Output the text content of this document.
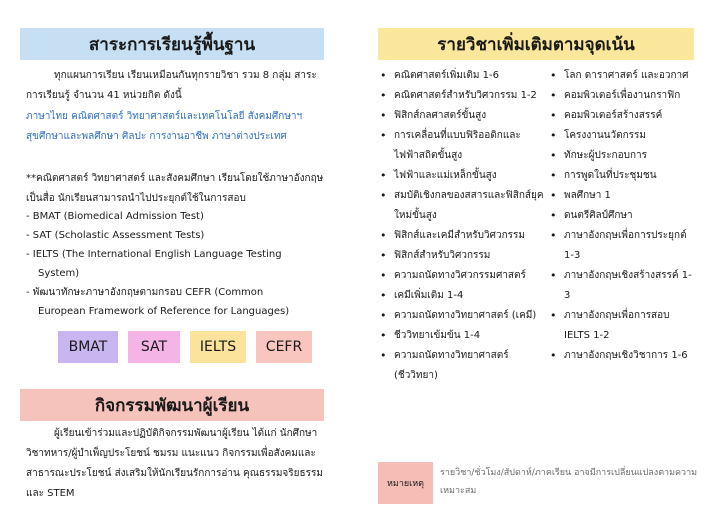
สาระการเรียนรู้พื้นฐาน

ทุกแผนการเรียน เรียนเหมือนกันทุกรายวิชา รวม 8 กลุ่ม สาระการเรียนรู้ จำนวน 41 หน่วยกิต ดังนี้

ภาษาไทย คณิตศาสตร์ วิทยาศาสตร์และเทคโนโลยี สังคมศึกษาฯ สุขศึกษาและพลศึกษา ศิลปะ การงานอาชีพ ภาษาต่างประเทศ

**คณิตศาสตร์ วิทยาศาสตร์ และสังคมศึกษา เรียนโดยใช้ภาษาอังกฤษเป็นสื่อ นักเรียนสามารถนำไปประยุกต์ใช้ในการสอบ

- BMAT (Biomedical Admission Test)
- SAT (Scholastic Assessment Tests)
- IELTS (The International English Language Testing
System)
- พัฒนาทักษะภาษาอังกฤษตามกรอบ CEFR (Common
European Framework of Reference for Languages)
BMAT	SAT	IELTS	CEFR
กิจกรรมพัฒนาผู้เรียน

ผู้เรียนเข้าร่วมและปฏิบัติกิจกรรมพัฒนาผู้เรียน ได้แก่ นักศึกษาวิชาทหาร/ผู้บำเพ็ญประโยชน์ ชมรม แนะแนว กิจกรรมเพื่อสังคมและสาธารณะประโยชน์ ส่งเสริมให้นักเรียนรักการอ่าน คุณธรรมจริยธรรม และ STEM

รายวิชาเพิ่มเติมตามจุดเน้น
• คณิตศาสตร์เพิ่มเติม 1-6
• คณิตศาสตร์สำหรับวิศวกรรม 1-2
• ฟิสิกส์กลศาสตร์ขั้นสูง
• การเคลื่อนที่แบบฟิริออดิกและไฟฟ้าสถิตขั้นสูง
• ไฟฟ้าและแม่เหล็กขั้นสูง
• สมบัติเชิงกลของสสารและฟิสิกส์ยุคใหม่ขั้นสูง
• ฟิสิกส์และเคมีสำหรับวิศวกรรม
• ฟิสิกส์สำหรับวิศวกรรม
• ความถนัดทางวิศวกรรมศาสตร์
• เคมีเพิ่มเติม 1-4
• ความถนัดทางวิทยาศาสตร์ (เคมี)
• ชีววิทยาเข้มข้น 1-4
• ความถนัดทางวิทยาศาสตร์ (ชีววิทยา)
• โลก ดาราศาสตร์ และอวกาศ
• คอมพิวเตอร์เพื่องานกราฟิก
• คอมพิวเตอร์สร้างสรรค์
• โครงงานนวัตกรรม
• ทักษะผู้ประกอบการ
• การพูดในที่ประชุมชน
• พลศึกษา 1
• ดนตรีศิลป์ศึกษา
• ภาษาอังกฤษเพื่อการประยุกต์ 1-3
• ภาษาอังกฤษเชิงสร้างสรรค์ 1-3
• ภาษาอังกฤษเพื่อการสอบ IELTS 1-2
• ภาษาอังกฤษเชิงวิชาการ 1-6
หมายเหตุ

รายวิชา/ชั่วโมง/สัปดาห์/ภาคเรียน อาจมีการเปลี่ยนแปลงตามความเหมาะสม
